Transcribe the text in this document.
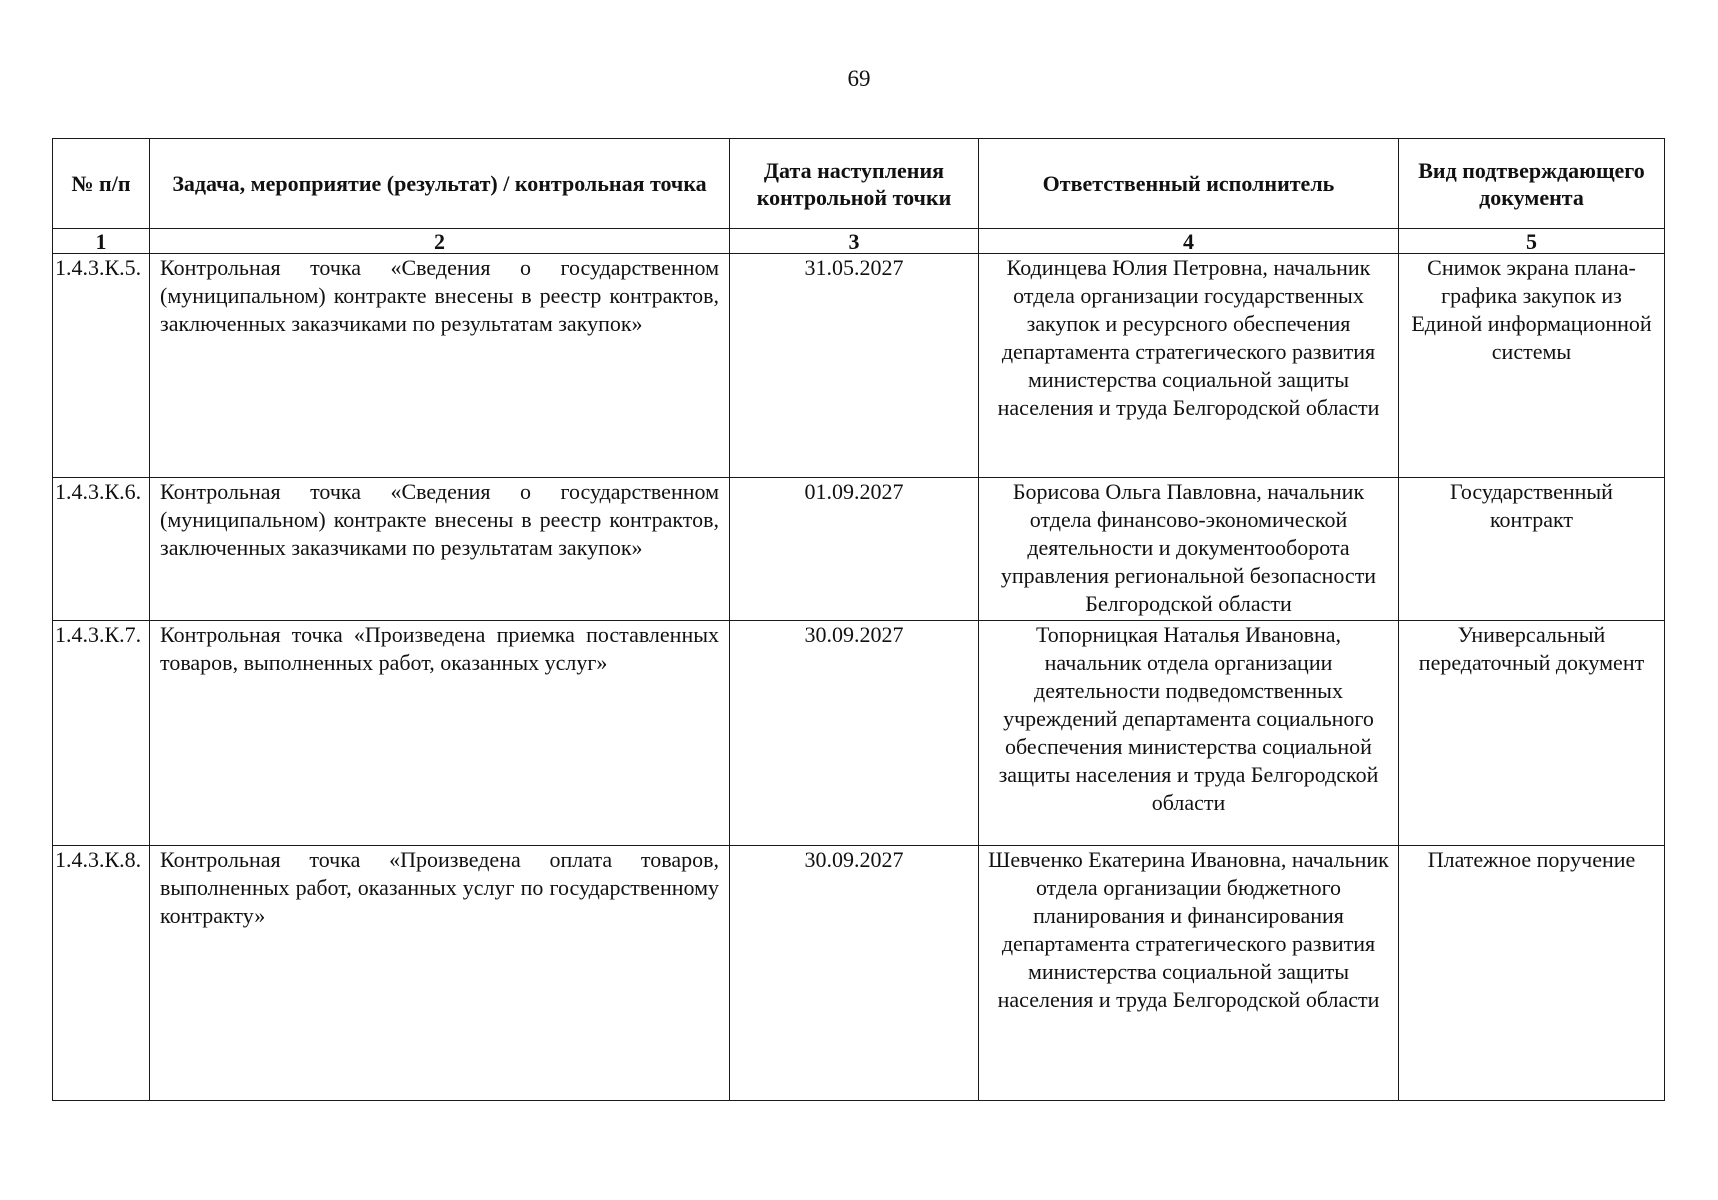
69
№ п/п	Задача, мероприятие (результат) / контрольная точка	Дата наступления контрольной точки	Ответственный исполнитель	Вид подтверждающего документа
1	2	3	4	5
1.4.3.К.5.	Контрольная точка «Сведения о государственном (муниципальном) контракте внесены в реестр контрактов, заключенных заказчиками по результатам закупок»	31.05.2027	Кодинцева Юлия Петровна, начальник отдела организации государственных закупок и ресурсного обеспечения департамента стратегического развития министерства социальной защиты населения и труда Белгородской области	Снимок экрана плана-графика закупок из Единой информационной системы
1.4.3.К.6.	Контрольная точка «Сведения о государственном (муниципальном) контракте внесены в реестр контрактов, заключенных заказчиками по результатам закупок»	01.09.2027	Борисова Ольга Павловна, начальник отдела финансово-экономической деятельности и документооборота управления региональной безопасности Белгородской области	Государственный контракт
1.4.3.К.7.	Контрольная точка «Произведена приемка поставленных товаров, выполненных работ, оказанных услуг»	30.09.2027	Топорницкая Наталья Ивановна, начальник отдела организации деятельности подведомственных учреждений департамента социального обеспечения министерства социальной защиты населения и труда Белгородской области	Универсальный передаточный документ
1.4.3.К.8.	Контрольная точка «Произведена оплата товаров, выполненных работ, оказанных услуг по государственному контракту»	30.09.2027	Шевченко Екатерина Ивановна, начальник отдела организации бюджетного планирования и финансирования департамента стратегического развития министерства социальной защиты населения и труда Белгородской области	Платежное поручение
